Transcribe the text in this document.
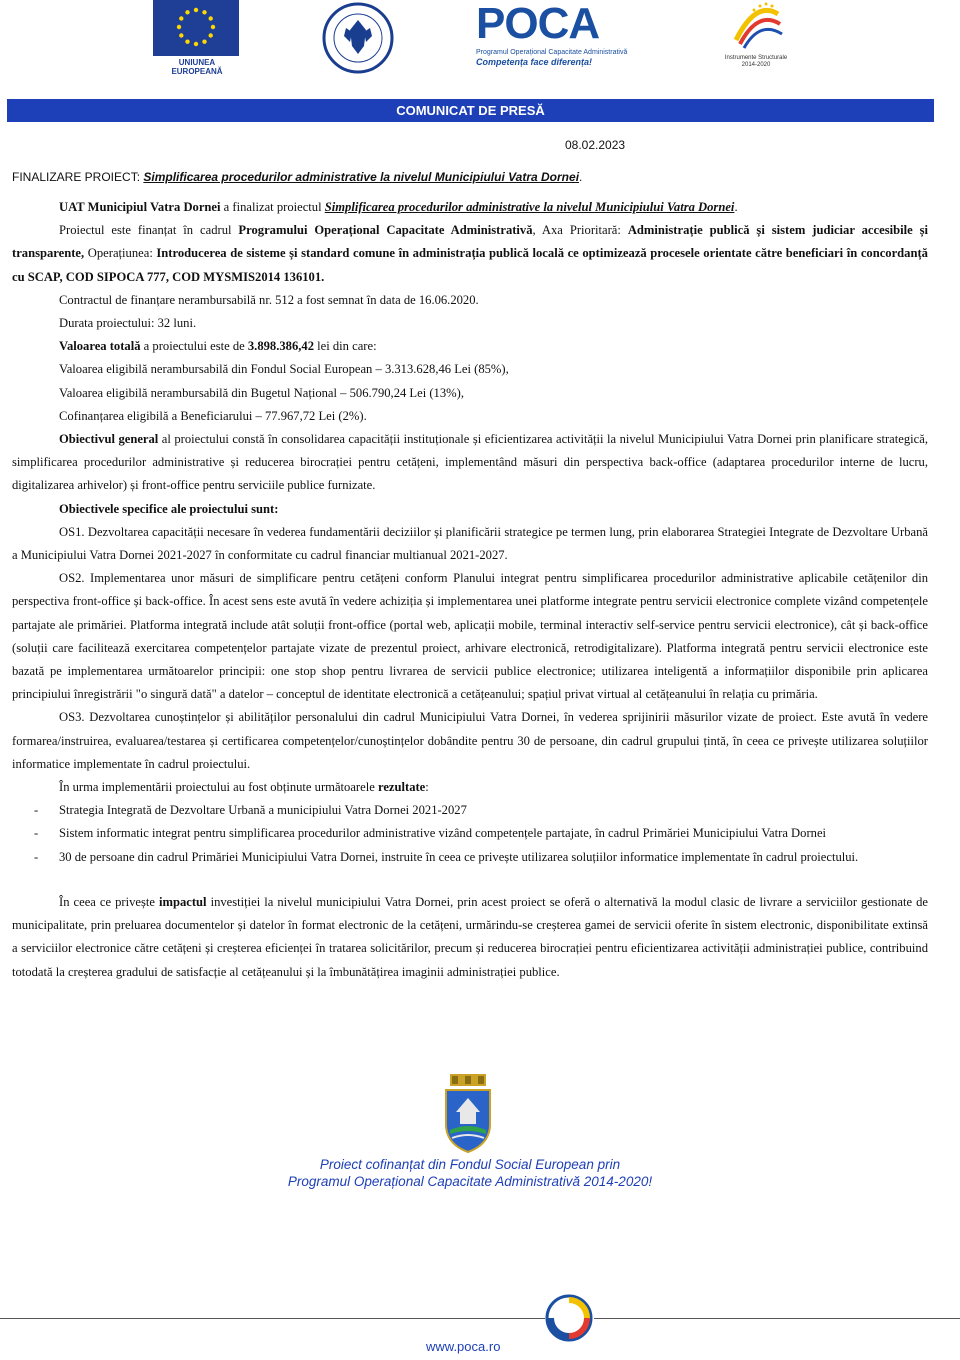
UNIUNEA EUROPEANĂ
POCA
Programul Operațional Capacitate Administrativă
Competența face diferența!	Instrumente Structurale
2014-2020
COMUNICAT DE PRESĂ
08.02.2023
FINALIZARE PROIECT: Simplificarea procedurilor administrative la nivelul Municipiului Vatra Dornei.

UAT Municipiul Vatra Dornei a finalizat proiectul Simplificarea procedurilor administrative la nivelul Municipiului Vatra Dornei.

Proiectul este finanțat în cadrul Programului Operațional Capacitate Administrativă, Axa Prioritară: Administrație publică și sistem judiciar accesibile și transparente, Operațiunea: Introducerea de sisteme și standard comune în administrația publică locală ce optimizează procesele orientate către beneficiari în concordanță cu SCAP, COD SIPOCA 777, COD MYSMIS2014 136101.

Contractul de finanțare nerambursabilă nr. 512 a fost semnat în data de 16.06.2020.

Durata proiectului: 32 luni.

Valoarea totală a proiectului este de 3.898.386,42 lei din care:

Valoarea eligibilă nerambursabilă din Fondul Social European – 3.313.628,46 Lei (85%),

Valoarea eligibilă nerambursabilă din Bugetul Național – 506.790,24 Lei (13%),

Cofinanțarea eligibilă a Beneficiarului – 77.967,72 Lei (2%).

Obiectivul general al proiectului constă în consolidarea capacității instituționale și eficientizarea activității la nivelul Municipiului Vatra Dornei prin planificare strategică, simplificarea procedurilor administrative și reducerea birocrației pentru cetățeni, implementând măsuri din perspectiva back-office (adaptarea procedurilor interne de lucru, digitalizarea arhivelor) și front-office pentru serviciile publice furnizate.

Obiectivele specifice ale proiectului sunt:

OS1. Dezvoltarea capacității necesare în vederea fundamentării deciziilor și planificării strategice pe termen lung, prin elaborarea Strategiei Integrate de Dezvoltare Urbană a Municipiului Vatra Dornei 2021-2027 în conformitate cu cadrul financiar multianual 2021-2027.

OS2. Implementarea unor măsuri de simplificare pentru cetățeni conform Planului integrat pentru simplificarea procedurilor administrative aplicabile cetățenilor din perspectiva front-office și back-office. În acest sens este avută în vedere achiziția și implementarea unei platforme integrate pentru servicii electronice complete vizând competențele partajate ale primăriei. Platforma integrată include atât soluții front-office (portal web, aplicații mobile, terminal interactiv self-service pentru servicii electronice), cât și back-office (soluții care facilitează exercitarea competențelor partajate vizate de prezentul proiect, arhivare electronică, retrodigitalizare). Platforma integrată pentru servicii electronice este bazată pe implementarea următoarelor principii: one stop shop pentru livrarea de servicii publice electronice; utilizarea inteligentă a informațiilor disponibile prin aplicarea principiului înregistrării "o singură dată" a datelor – conceptul de identitate electronică a cetățeanului; spațiul privat virtual al cetățeanului în relația cu primăria.

OS3. Dezvoltarea cunoștințelor și abilităților personalului din cadrul Municipiului Vatra Dornei, în vederea sprijinirii măsurilor vizate de proiect. Este avută în vedere formarea/instruirea, evaluarea/testarea și certificarea competențelor/cunoștințelor dobândite pentru 30 de persoane, din cadrul grupului țintă, în ceea ce privește utilizarea soluțiilor informatice implementate în cadrul proiectului.

În urma implementării proiectului au fost obținute următoarele rezultate:

- Strategia Integrată de Dezvoltare Urbană a municipiului Vatra Dornei 2021-2027
- Sistem informatic integrat pentru simplificarea procedurilor administrative vizând competențele partajate, în cadrul Primăriei Municipiului Vatra Dornei
- 30 de persoane din cadrul Primăriei Municipiului Vatra Dornei, instruite în ceea ce privește utilizarea soluțiilor informatice implementate în cadrul proiectului.

În ceea ce privește impactul investiției la nivelul municipiului Vatra Dornei, prin acest proiect se oferă o alternativă la modul clasic de livrare a serviciilor gestionate de municipalitate, prin preluarea documentelor și datelor în format electronic de la cetățeni, urmărindu-se creșterea gamei de servicii oferite în sistem electronic, disponibilitate extinsă a serviciilor electronice către cetățeni și creșterea eficienței în tratarea solicitărilor, precum și reducerea birocrației pentru eficientizarea activității administrației publice, contribuind totodată la creșterea gradului de satisfacție al cetățeanului și la îmbunătățirea imaginii administrației publice.

Proiect cofinanțat din Fondul Social European prin
Programul Operațional Capacitate Administrativă 2014-2020!
www.poca.ro
